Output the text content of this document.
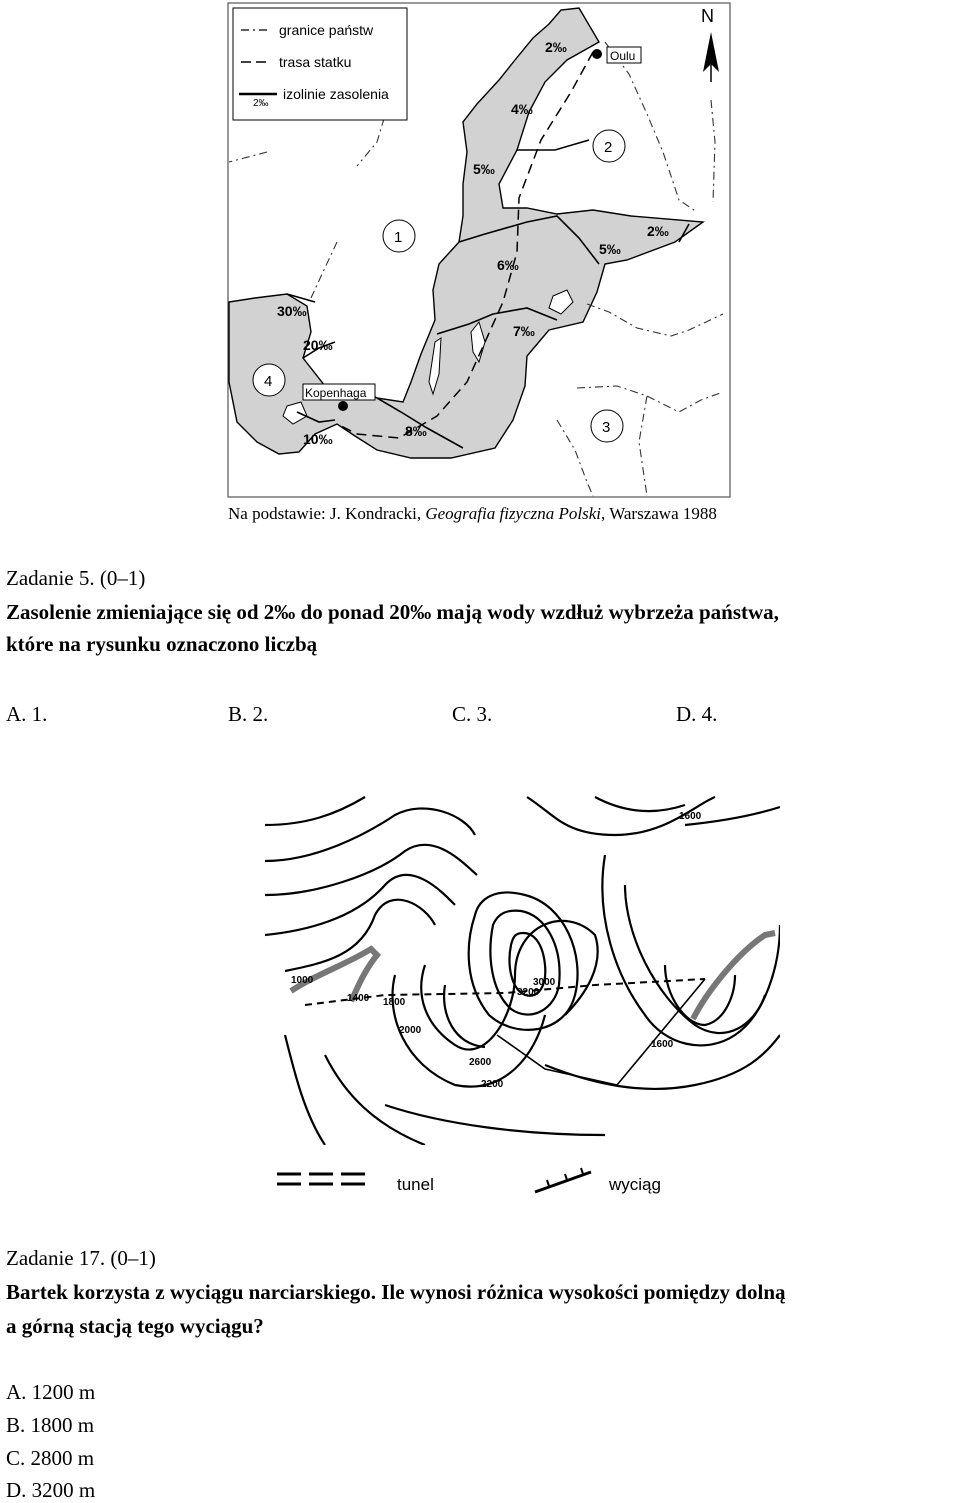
granice państw
trasa statku
2‰
izolinie zasolenia
N
2‰
4‰
5‰
5‰
2‰
6‰
7‰
8‰
30‰
20‰
10‰
Oulu
Kopenhaga
1
2
3
4
Na podstawie: J. Kondracki, Geografia fizyczna Polski, Warszawa 1988
Zadanie 5. (0–1)
Zasolenie zmieniające się od 2‰ do ponad 20‰ mają wody wzdłuż wybrzeża państwa,
które na rysunku oznaczono liczbą
A. 1.	B. 2.	C. 3.	D. 4.
1600
1000
1400 1800
2000
3200
3000
2600
2200
1600
tunel	wyciąg
Zadanie 17. (0–1)
Bartek korzysta z wyciągu narciarskiego. Ile wynosi różnica wysokości pomiędzy dolną
a górną stacją tego wyciągu?
A. 1200 m
B. 1800 m
C. 2800 m
D. 3200 m
